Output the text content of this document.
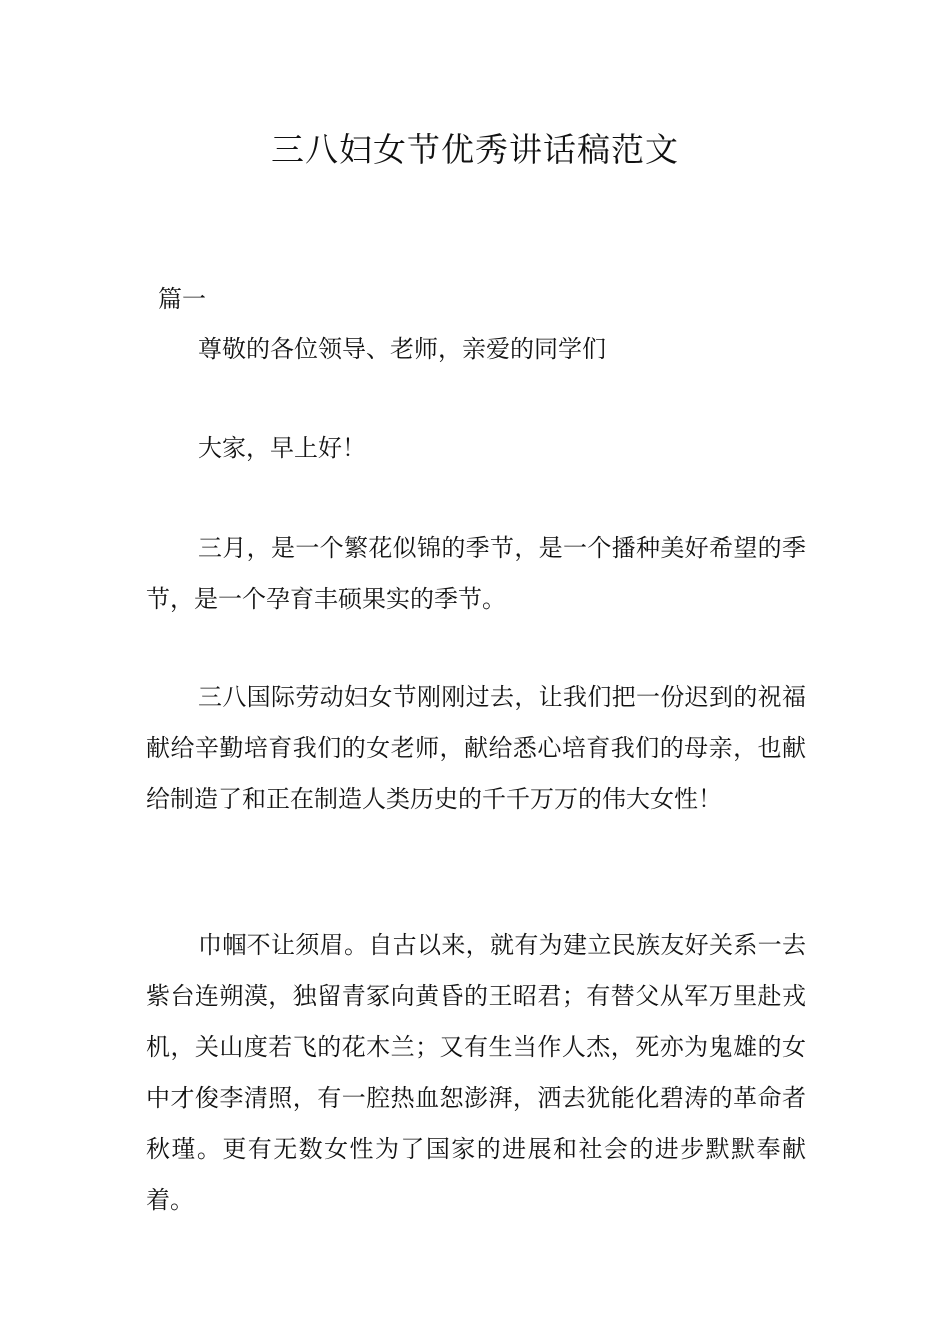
三八妇女节优秀讲话稿范文

篇一

尊敬的各位领导、老师，亲爱的同学们

大家，早上好！

三月，是一个繁花似锦的季节，是一个播种美好希望的季节，是一个孕育丰硕果实的季节。

三八国际劳动妇女节刚刚过去，让我们把一份迟到的祝福献给辛勤培育我们的女老师，献给悉心培育我们的母亲，也献给制造了和正在制造人类历史的千千万万的伟大女性！

巾帼不让须眉。自古以来，就有为建立民族友好关系一去紫台连朔漠，独留青冢向黄昏的王昭君；有替父从军万里赴戎机，关山度若飞的花木兰；又有生当作人杰，死亦为鬼雄的女中才俊李清照，有一腔热血恕澎湃，洒去犹能化碧涛的革命者秋瑾。更有无数女性为了国家的进展和社会的进步默默奉献着。
